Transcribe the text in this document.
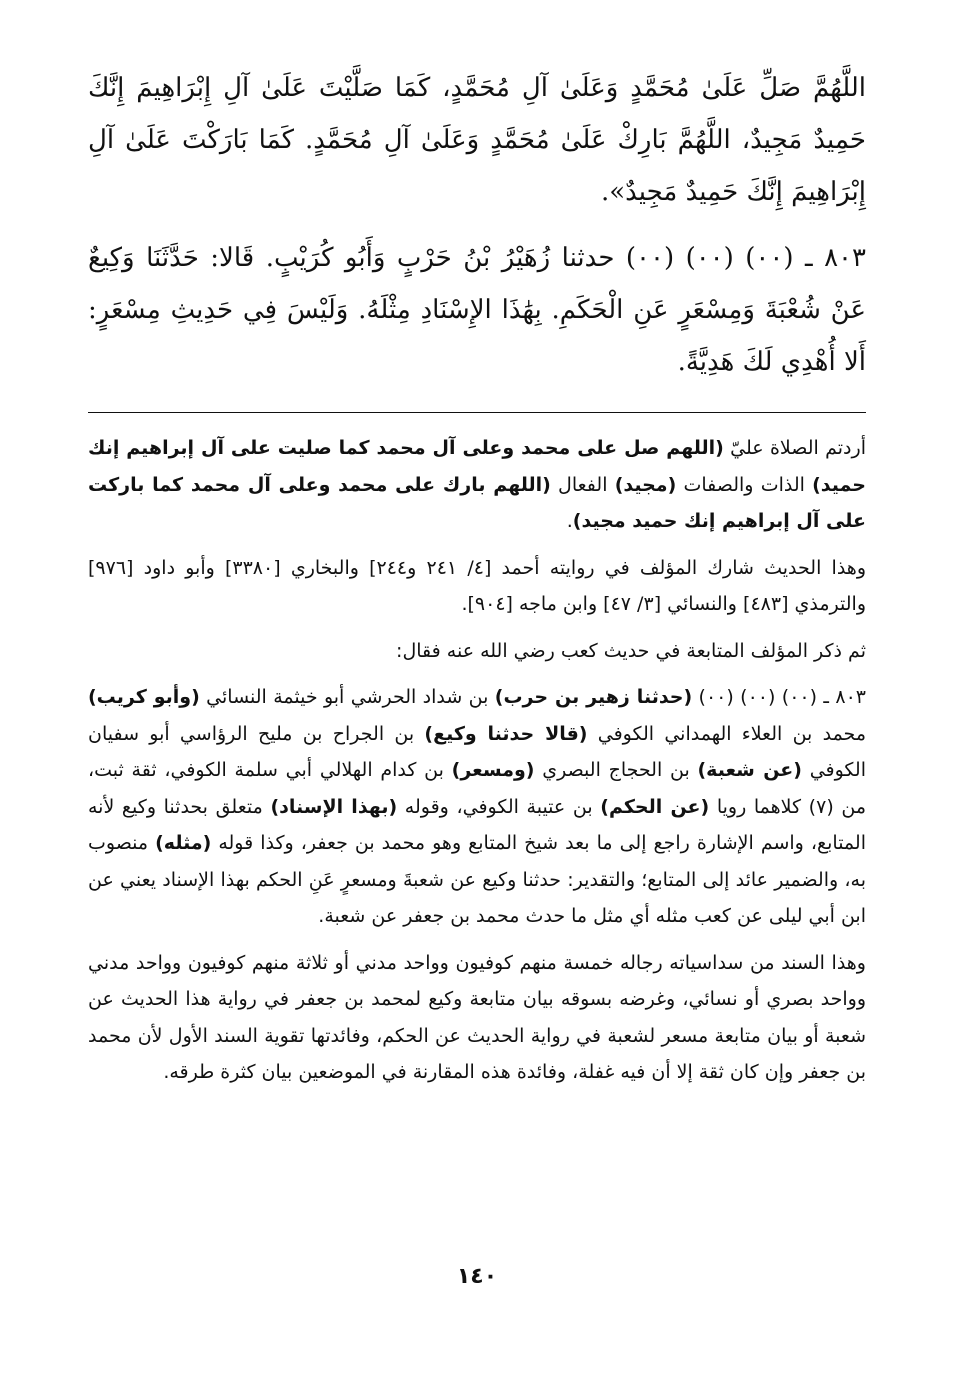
اللَّهُمَّ صَلِّ عَلَىٰ مُحَمَّدٍ وَعَلَىٰ آلِ مُحَمَّدٍ، كَمَا صَلَّيْتَ عَلَىٰ آلِ إِبْرَاهِيمَ إِنَّكَ حَمِيدٌ مَجِيدٌ، اللَّهُمَّ بَارِكْ عَلَىٰ مُحَمَّدٍ وَعَلَىٰ آلِ مُحَمَّدٍ. كَمَا بَارَكْتَ عَلَىٰ آلِ إِبْرَاهِيمَ إِنَّكَ حَمِيدٌ مَجِيدٌ».

٨٠٣ ـ (٠٠) (٠٠) (٠٠) حدثنا زُهَيْرُ بْنُ حَرْبٍ وَأَبُو كُرَيْبٍ. قَالا: حَدَّثَنَا وَكِيعٌ عَنْ شُعْبَةَ وَمِسْعَرٍ عَنِ الْحَكَمِ. بِهَٰذَا الإِسْنَادِ مِثْلَهُ. وَلَيْسَ فِي حَدِيثِ مِسْعَرٍ: أَلا أُهْدِي لَكَ هَدِيَّةً.

أردتم الصلاة عليّ (اللهم صل على محمد وعلى آل محمد كما صليت على آل إبراهيم إنك حميد) الذات والصفات (مجيد) الفعال (اللهم بارك على محمد وعلى آل محمد كما باركت على آل إبراهيم إنك حميد مجيد).

وهذا الحديث شارك المؤلف في روايته أحمد [٤/ ٢٤١ و٢٤٤] والبخاري [٣٣٨٠] وأبو داود [٩٧٦] والترمذي [٤٨٣] والنسائي [٣/ ٤٧] وابن ماجه [٩٠٤].

ثم ذكر المؤلف المتابعة في حديث كعب رضي الله عنه فقال:

٨٠٣ ـ (٠٠) (٠٠) (٠٠) (حدثنا زهير بن حرب) بن شداد الحرشي أبو خيثمة النسائي (وأبو كريب) محمد بن العلاء الهمداني الكوفي (قالا حدثنا وكيع) بن الجراح بن مليح الرؤاسي أبو سفيان الكوفي (عن شعبة) بن الحجاج البصري (ومسعر) بن كدام الهلالي أبي سلمة الكوفي، ثقة ثبت، من (٧) كلاهما رويا (عن الحكم) بن عتيبة الكوفي، وقوله (بهذا الإسناد) متعلق بحدثنا وكيع لأنه المتابع، واسم الإشارة راجع إلى ما بعد شيخ المتابع وهو محمد بن جعفر، وكذا قوله (مثله) منصوب به، والضمير عائد إلى المتابع؛ والتقدير: حدثنا وكيع عن شعبةَ ومسعرٍ عَنِ الحكم بهذا الإسناد يعني عن ابن أبي ليلى عن كعب مثله أي مثل ما حدث محمد بن جعفر عن شعبة.

وهذا السند من سداسياته رجاله خمسة منهم كوفيون وواحد مدني أو ثلاثة منهم كوفيون وواحد مدني وواحد بصري أو نسائي، وغرضه بسوقه بيان متابعة وكيع لمحمد بن جعفر في رواية هذا الحديث عن شعبة أو بيان متابعة مسعر لشعبة في رواية الحديث عن الحكم، وفائدتها تقوية السند الأول لأن محمد بن جعفر وإن كان ثقة إلا أن فيه غفلة، وفائدة هذه المقارنة في الموضعين بيان كثرة طرقه.

١٤٠
